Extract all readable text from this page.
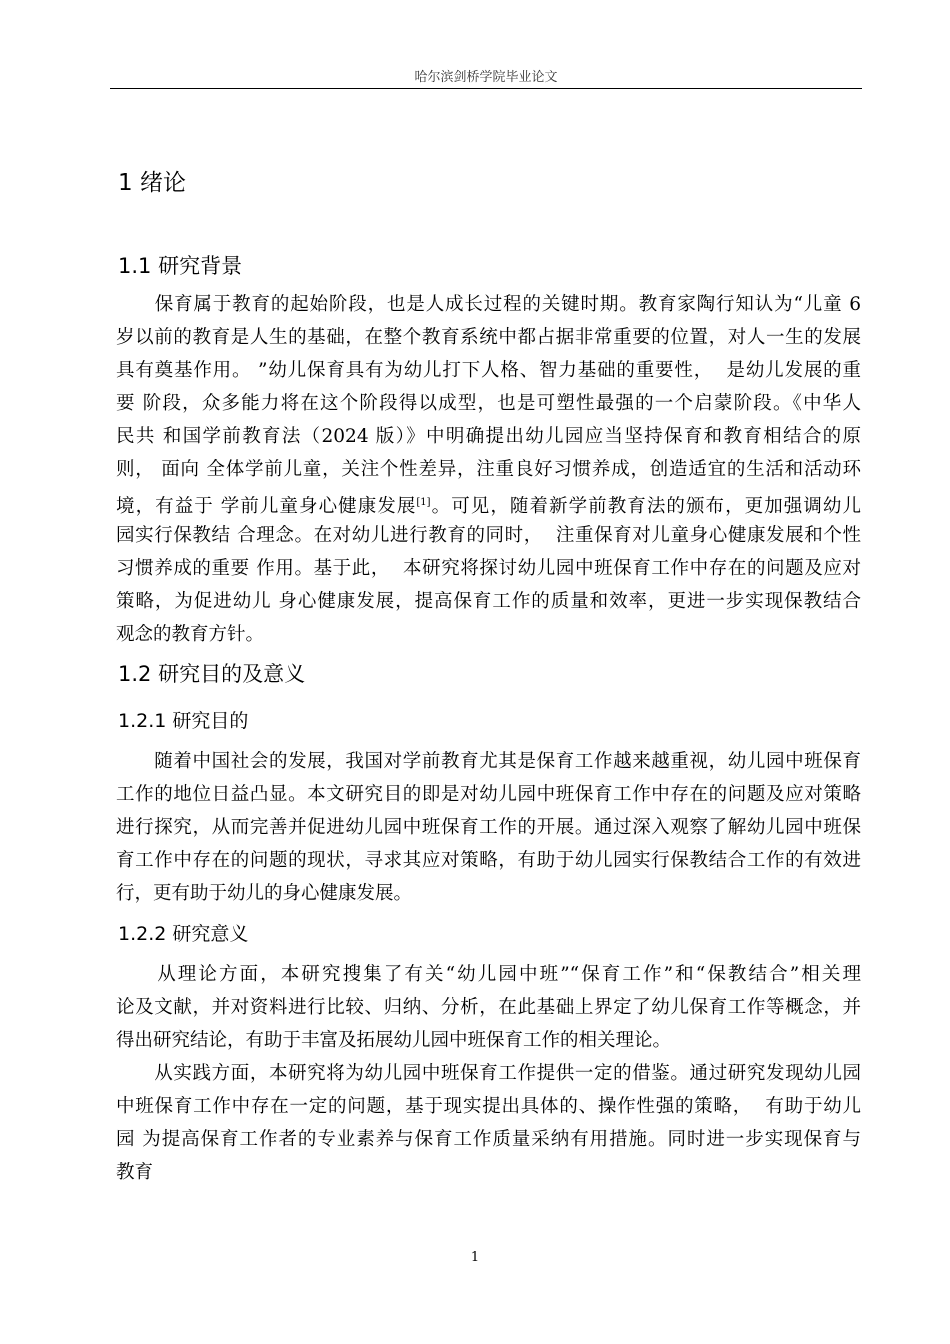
哈尔滨剑桥学院毕业论文
1 绪论
1.1 研究背景
　　保育属于教育的起始阶段，也是人成长过程的关键时期。教育家陶行知认为“儿童 6
岁以前的教育是人生的基础，在整个教育系统中都占据非常重要的位置，对人一生的发展
具有奠基作用。 ”幼儿保育具有为幼儿打下人格、智力基础的重要性，  是幼儿发展的重
要 阶段，众多能力将在这个阶段得以成型，也是可塑性最强的一个启蒙阶段。《中华人
民共 和国学前教育法（2024 版）》中明确提出幼儿园应当坚持保育和教育相结合的原
则， 面向 全体学前儿童，关注个性差异，注重良好习惯养成，创造适宜的生活和活动环
境，有益于 学前儿童身心健康发展[1]。可见，随着新学前教育法的颁布，更加强调幼儿
园实行保教结 合理念。在对幼儿进行教育的同时，  注重保育对儿童身心健康发展和个性
习惯养成的重要 作用。基于此，  本研究将探讨幼儿园中班保育工作中存在的问题及应对
策略，为促进幼儿 身心健康发展，提高保育工作的质量和效率，更进一步实现保教结合
观念的教育方针。
1.2 研究目的及意义
1.2.1 研究目的
　　随着中国社会的发展，我国对学前教育尤其是保育工作越来越重视，幼儿园中班保育
工作的地位日益凸显。本文研究目的即是对幼儿园中班保育工作中存在的问题及应对策略
进行探究，从而完善并促进幼儿园中班保育工作的开展。通过深入观察了解幼儿园中班保
育工作中存在的问题的现状，寻求其应对策略，有助于幼儿园实行保教结合工作的有效进
行，更有助于幼儿的身心健康发展。
1.2.2 研究意义
　　从理论方面，本研究搜集了有关“幼儿园中班”“保育工作”和“保教结合”相关理
论及文献，并对资料进行比较、归纳、分析，在此基础上界定了幼儿保育工作等概念，并
得出研究结论，有助于丰富及拓展幼儿园中班保育工作的相关理论。
　　从实践方面，本研究将为幼儿园中班保育工作提供一定的借鉴。通过研究发现幼儿园
中班保育工作中存在一定的问题，基于现实提出具体的、操作性强的策略，  有助于幼儿
园 为提高保育工作者的专业素养与保育工作质量采纳有用措施。同时进一步实现保育与
教育
1
